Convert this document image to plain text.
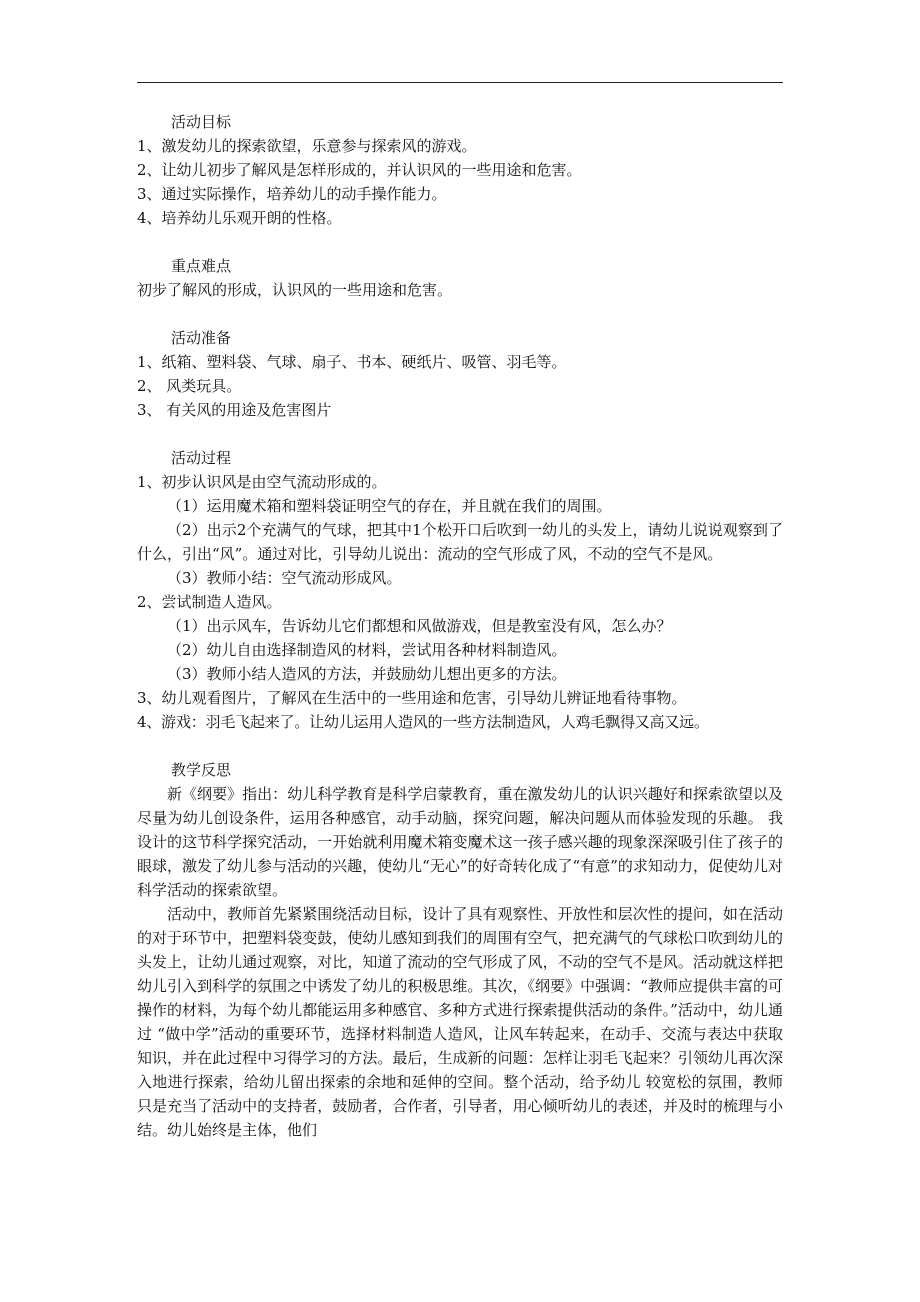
活动目标
1、激发幼儿的探索欲望，乐意参与探索风的游戏。
2、让幼儿初步了解风是怎样形成的，并认识风的一些用途和危害。
3、通过实际操作，培养幼儿的动手操作能力。
4、培养幼儿乐观开朗的性格。
重点难点
初步了解风的形成，认识风的一些用途和危害。
活动准备
1、纸箱、塑料袋、气球、扇子、书本、硬纸片、吸管、羽毛等。
2、 风类玩具。
3、 有关风的用途及危害图片
活动过程
1、初步认识风是由空气流动形成的。
（1）运用魔术箱和塑料袋证明空气的存在，并且就在我们的周围。
（2）出示2个充满气的气球，把其中1个松开口后吹到一幼儿的头发上，请幼儿说说观察到了什么，引出“风”。通过对比，引导幼儿说出：流动的空气形成了风，不动的空气不是风。
（3）教师小结：空气流动形成风。
2、尝试制造人造风。
（1）出示风车，告诉幼儿它们都想和风做游戏，但是教室没有风，怎么办？
（2）幼儿自由选择制造风的材料，尝试用各种材料制造风。
（3）教师小结人造风的方法，并鼓励幼儿想出更多的方法。
3、幼儿观看图片，了解风在生活中的一些用途和危害，引导幼儿辨证地看待事物。
4、游戏：羽毛飞起来了。让幼儿运用人造风的一些方法制造风，人鸡毛飘得又高又远。
教学反思

新《纲要》指出：幼儿科学教育是科学启蒙教育，重在激发幼儿的认识兴趣好和探索欲望以及尽量为幼儿创设条件，运用各种感官，动手动脑，探究问题，解决问题从而体验发现的乐趣。 我设计的这节科学探究活动，一开始就利用魔术箱变魔术这一孩子感兴趣的现象深深吸引住了孩子的眼球，激发了幼儿参与活动的兴趣，使幼儿“无心”的好奇转化成了“有意”的求知动力，促使幼儿对科学活动的探索欲望。

活动中，教师首先紧紧围绕活动目标，设计了具有观察性、开放性和层次性的提问，如在活动的对于环节中，把塑料袋变鼓，使幼儿感知到我们的周围有空气，把充满气的气球松口吹到幼儿的头发上，让幼儿通过观察，对比，知道了流动的空气形成了风，不动的空气不是风。活动就这样把幼儿引入到科学的氛围之中诱发了幼儿的积极思维。其次，《纲要》中强调：“教师应提供丰富的可操作的材料，为每个幼儿都能运用多种感官、多种方式进行探索提供活动的条件。”活动中，幼儿通过 “做中学”活动的重要环节，选择材料制造人造风，让风车转起来，在动手、交流与表达中获取知识，并在此过程中习得学习的方法。最后，生成新的问题：怎样让羽毛飞起来？引领幼儿再次深入地进行探索，给幼儿留出探索的余地和延伸的空间。整个活动，给予幼儿 较宽松的氛围，教师只是充当了活动中的支持者，鼓励者，合作者，引导者，用心倾听幼儿的表述，并及时的梳理与小结。幼儿始终是主体，他们
